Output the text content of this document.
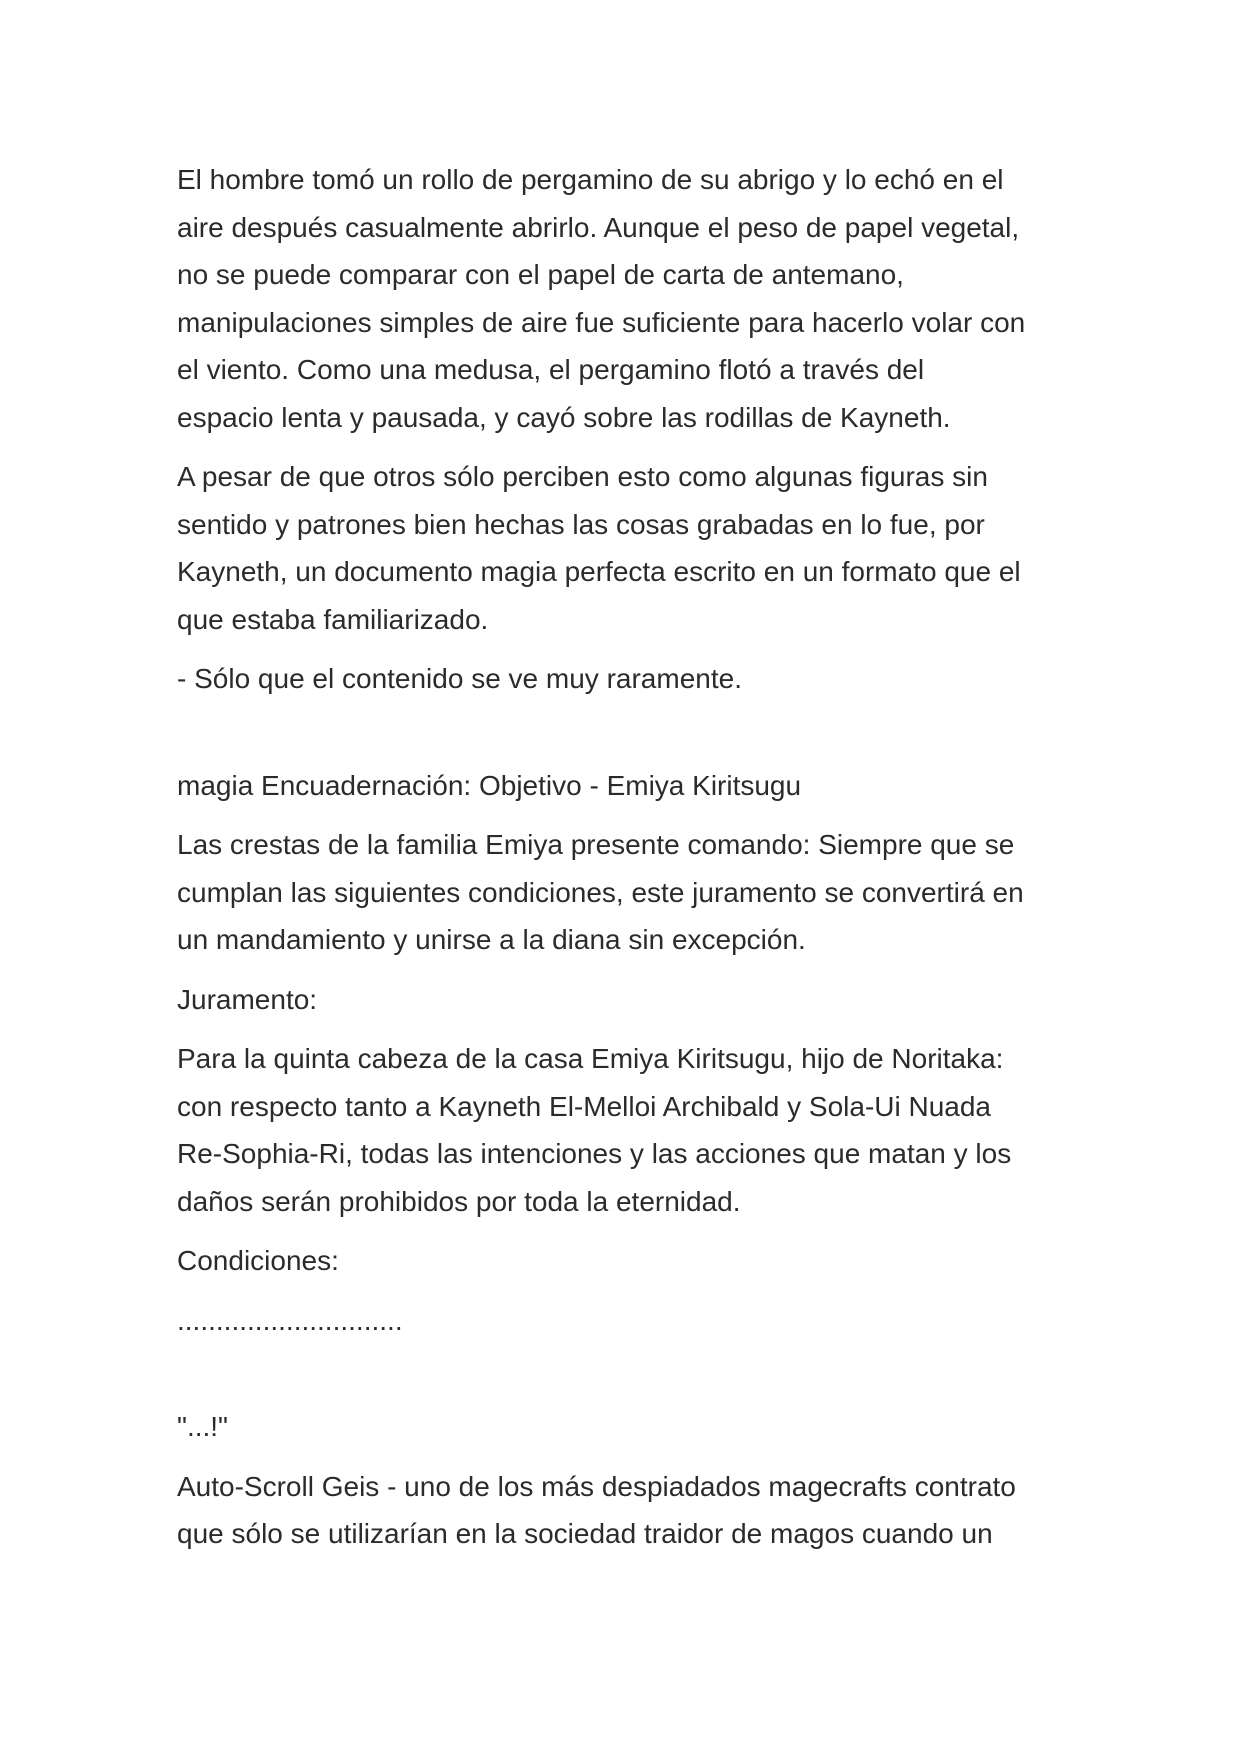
El hombre tomó un rollo de pergamino de su abrigo y lo echó en el
aire después casualmente abrirlo. Aunque el peso de papel vegetal,
no se puede comparar con el papel de carta de antemano,
manipulaciones simples de aire fue suficiente para hacerlo volar con
el viento. Como una medusa, el pergamino flotó a través del
espacio lenta y pausada, y cayó sobre las rodillas de Kayneth.

A pesar de que otros sólo perciben esto como algunas figuras sin
sentido y patrones bien hechas las cosas grabadas en lo fue, por
Kayneth, un documento magia perfecta escrito en un formato que el
que estaba familiarizado.

- Sólo que el contenido se ve muy raramente.

magia Encuadernación: Objetivo - Emiya Kiritsugu

Las crestas de la familia Emiya presente comando: Siempre que se
cumplan las siguientes condiciones, este juramento se convertirá en
un mandamiento y unirse a la diana sin excepción.

Juramento:

Para la quinta cabeza de la casa Emiya Kiritsugu, hijo de Noritaka:
con respecto tanto a Kayneth El-Melloi Archibald y Sola-Ui Nuada
Re-Sophia-Ri, todas las intenciones y las acciones que matan y los
daños serán prohibidos por toda la eternidad.

Condiciones:

.............................

"...!"

Auto-Scroll Geis - uno de los más despiadados magecrafts contrato
que sólo se utilizarían en la sociedad traidor de magos cuando un
